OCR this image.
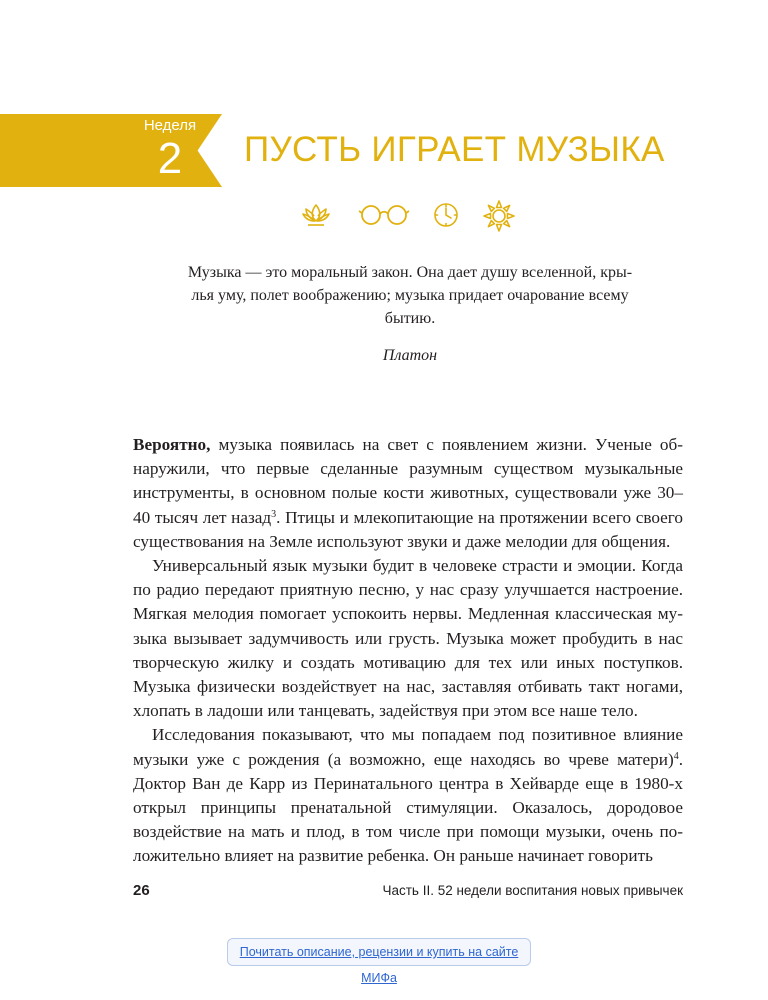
Неделя
2	ПУСТЬ ИГРАЕТ МУЗЫКА

Музыка — это моральный закон. Она дает душу вселенной, кры-

лья уму, полет воображению; музыка придает очарование всему

бытию.

Платон

Вероятно, музыка появилась на свет с появлением жизни. Ученые обнаружили, что первые сделанные разумным существом музыкальные инструменты, в основном полые кости животных, существовали уже 30–40 тысяч лет назад$^3$. Птицы и млекопитающие на протяжении всего своего существования на Земле используют звуки и даже мелодии для общения.

Универсальный язык музыки будит в человеке страсти и эмоции. Когда по радио передают приятную песню, у нас сразу улучшается настроение. Мягкая мелодия помогает успокоить нервы. Медленная классическая музыка вызывает задумчивость или грусть. Музыка может пробудить в нас творческую жилку и создать мотивацию для тех или иных поступков. Музыка физически воздействует на нас, заставляя отбивать такт ногами, хлопать в ладоши или танцевать, задействуя при этом все наше тело.

Исследования показывают, что мы попадаем под позитивное влияние музыки уже с рождения (а возможно, еще находясь во чреве матери)$^4$. Доктор Ван де Карр из Перинатального центра в Хейварде еще в 1980-х открыл принципы пренатальной стимуляции. Оказалось, дородовое воздействие на мать и плод, в том числе при помощи музыки, очень положительно влияет на развитие ребенка. Он раньше начинает говорить

26	Часть II. 52 недели воспитания новых привычек
Почитать описание, рецензии и купить на сайте МИФа
